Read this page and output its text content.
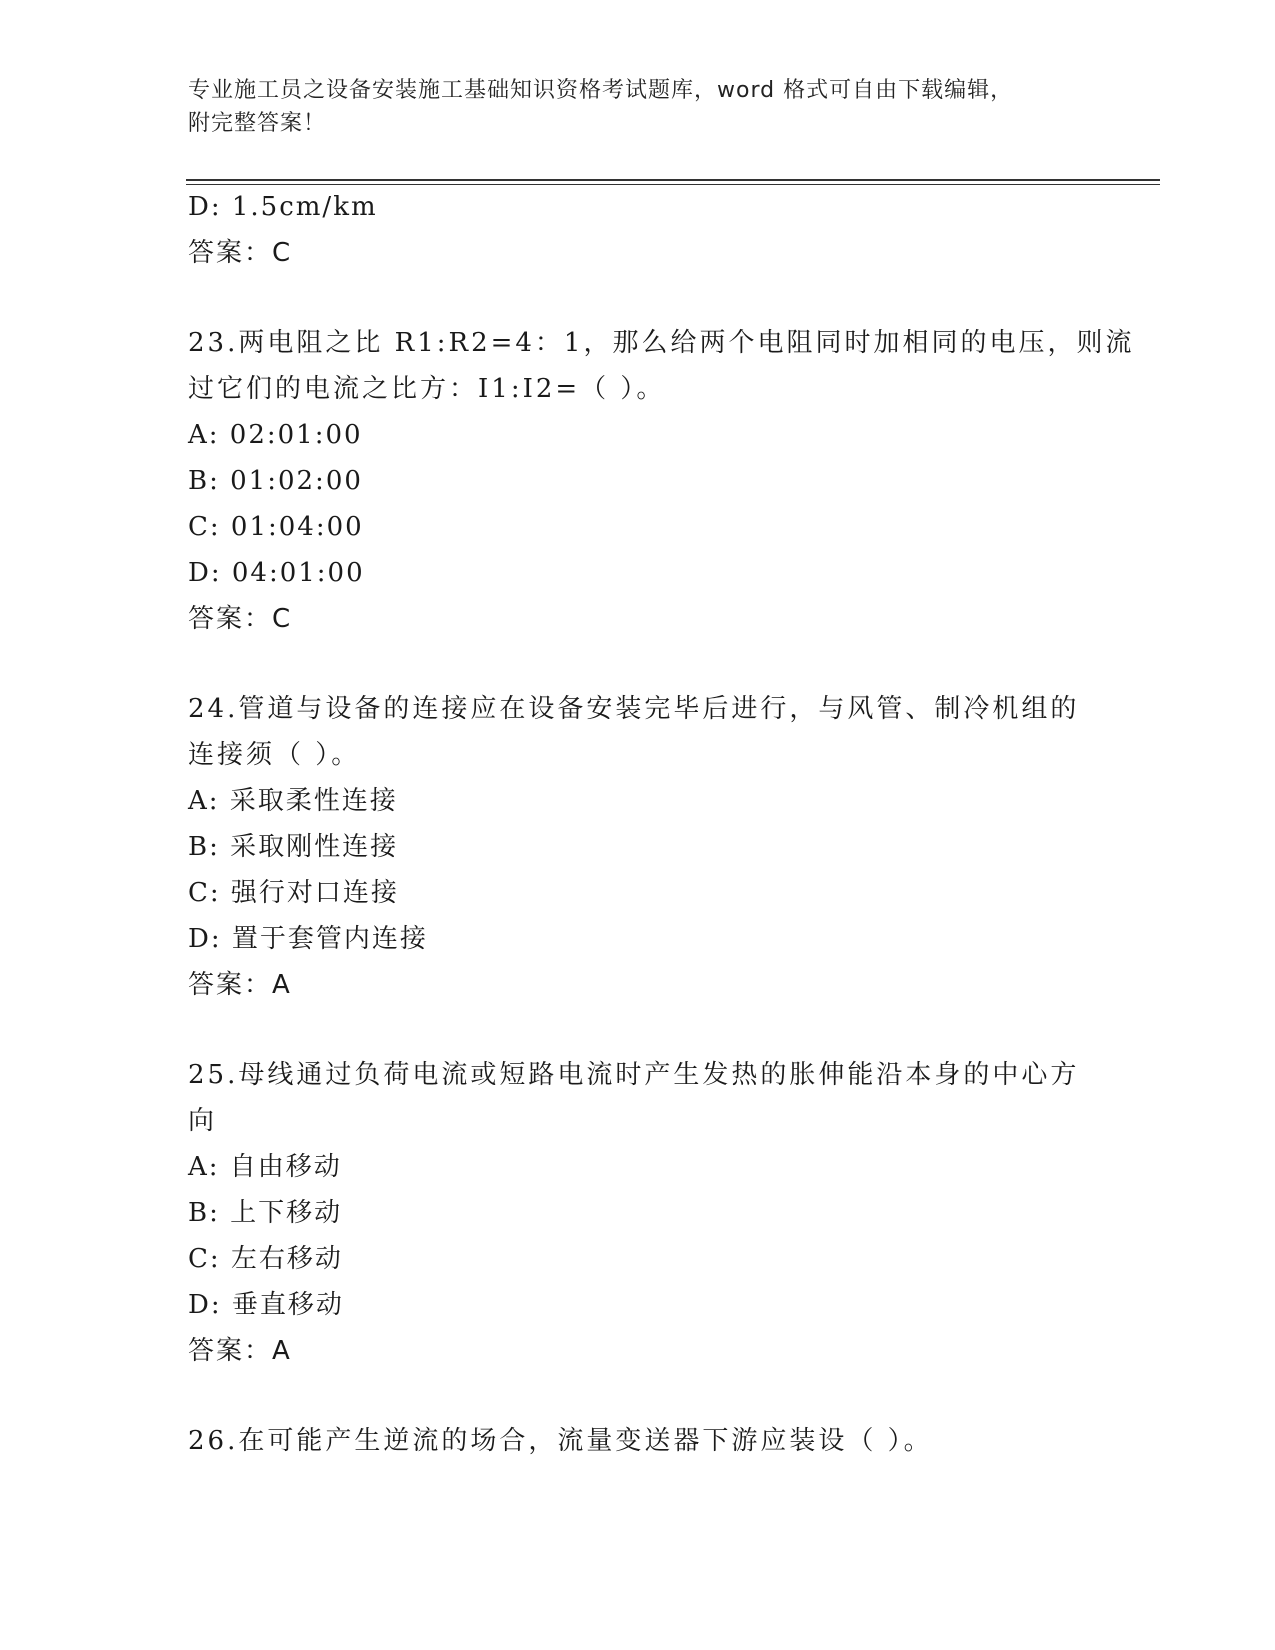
专业施工员之设备安装施工基础知识资格考试题库，word 格式可自由下载编辑，
附完整答案！
D: 1.5cm/km
答案：C
23.两电阻之比 R1:R2=4：1，那么给两个电阻同时加相同的电压，则流
过它们的电流之比方：I1:I2=（ ）。
A: 02:01:00
B: 01:02:00
C: 01:04:00
D: 04:01:00
答案：C
24.管道与设备的连接应在设备安装完毕后进行，与风管、制冷机组的
连接须（ ）。
A: 采取柔性连接
B: 采取刚性连接
C: 强行对口连接
D: 置于套管内连接
答案：A
25.母线通过负荷电流或短路电流时产生发热的胀伸能沿本身的中心方
向
A: 自由移动
B: 上下移动
C: 左右移动
D: 垂直移动
答案：A
26.在可能产生逆流的场合，流量变送器下游应装设（ ）。
